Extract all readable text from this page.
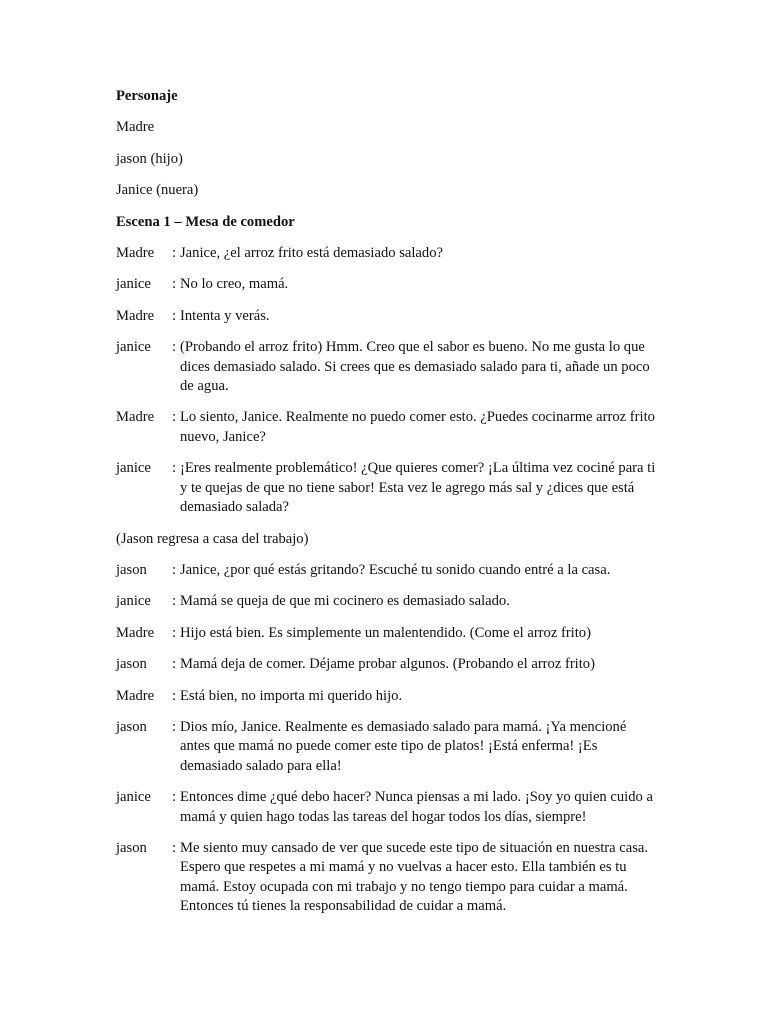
Personaje

Madre

jason (hijo)

Janice (nuera)

Escena 1 – Mesa de comedor

Madre	: Janice, ¿el arroz frito está demasiado salado?
janice	: No lo creo, mamá.
Madre	: Intenta y verás.
janice	: (Probando el arroz frito) Hmm. Creo que el sabor es bueno. No me gusta lo que dices demasiado salado. Si crees que es demasiado salado para ti, añade un poco de agua.
Madre	: Lo siento, Janice. Realmente no puedo comer esto. ¿Puedes cocinarme arroz frito nuevo, Janice?
janice	: ¡Eres realmente problemático! ¿Que quieres comer? ¡La última vez cociné para ti y te quejas de que no tiene sabor! Esta vez le agrego más sal y ¿dices que está demasiado salada?

(Jason regresa a casa del trabajo)

jason	: Janice, ¿por qué estás gritando? Escuché tu sonido cuando entré a la casa.
janice	: Mamá se queja de que mi cocinero es demasiado salado.
Madre	: Hijo está bien. Es simplemente un malentendido. (Come el arroz frito)
jason	: Mamá deja de comer. Déjame probar algunos. (Probando el arroz frito)
Madre	: Está bien, no importa mi querido hijo.
jason	: Dios mío, Janice. Realmente es demasiado salado para mamá. ¡Ya mencioné antes que mamá no puede comer este tipo de platos! ¡Está enferma! ¡Es demasiado salado para ella!
janice	: Entonces dime ¿qué debo hacer? Nunca piensas a mi lado. ¡Soy yo quien cuido a mamá y quien hago todas las tareas del hogar todos los días, siempre!
jason	: Me siento muy cansado de ver que sucede este tipo de situación en nuestra casa. Espero que respetes a mi mamá y no vuelvas a hacer esto. Ella también es tu mamá. Estoy ocupada con mi trabajo y no tengo tiempo para cuidar a mamá. Entonces tú tienes la responsabilidad de cuidar a mamá.
